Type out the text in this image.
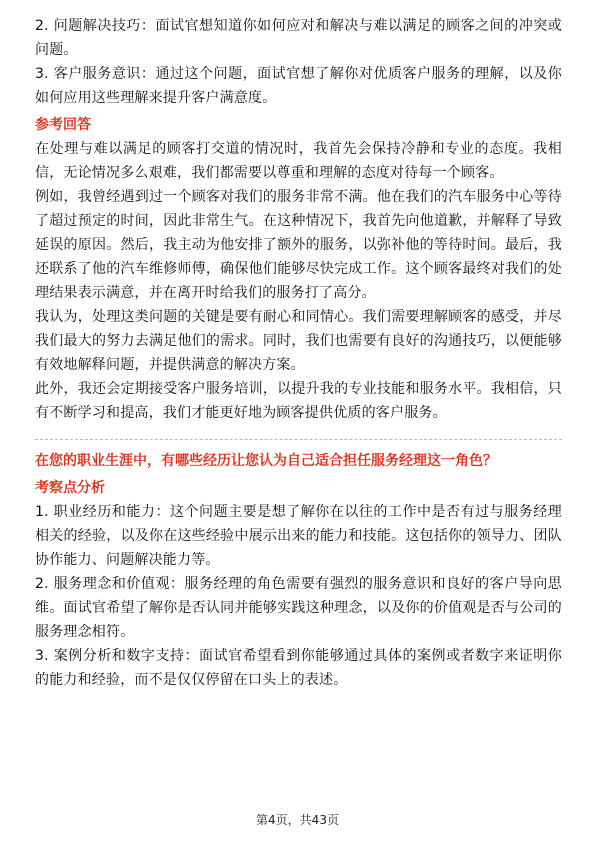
2. 问题解决技巧：面试官想知道你如何应对和解决与难以满足的顾客之间的冲突或问题。

3. 客户服务意识：通过这个问题，面试官想了解你对优质客户服务的理解，以及你如何应用这些理解来提升客户满意度。

参考回答

在处理与难以满足的顾客打交道的情况时，我首先会保持冷静和专业的态度。我相信，无论情况多么艰难，我们都需要以尊重和理解的态度对待每一个顾客。

例如，我曾经遇到过一个顾客对我们的服务非常不满。他在我们的汽车服务中心等待了超过预定的时间，因此非常生气。在这种情况下，我首先向他道歉，并解释了导致延误的原因。然后，我主动为他安排了额外的服务，以弥补他的等待时间。最后，我还联系了他的汽车维修师傅，确保他们能够尽快完成工作。这个顾客最终对我们的处理结果表示满意，并在离开时给我们的服务打了高分。

我认为，处理这类问题的关键是要有耐心和同情心。我们需要理解顾客的感受，并尽我们最大的努力去满足他们的需求。同时，我们也需要有良好的沟通技巧，以便能够有效地解释问题，并提供满意的解决方案。

此外，我还会定期接受客户服务培训，以提升我的专业技能和服务水平。我相信，只有不断学习和提高，我们才能更好地为顾客提供优质的客户服务。

在您的职业生涯中，有哪些经历让您认为自己适合担任服务经理这一角色？
考察点分析

1. 职业经历和能力：这个问题主要是想了解你在以往的工作中是否有过与服务经理相关的经验，以及你在这些经验中展示出来的能力和技能。这包括你的领导力、团队协作能力、问题解决能力等。

2. 服务理念和价值观：服务经理的角色需要有强烈的服务意识和良好的客户导向思维。面试官希望了解你是否认同并能够实践这种理念，以及你的价值观是否与公司的服务理念相符。

3. 案例分析和数字支持：面试官希望看到你能够通过具体的案例或者数字来证明你的能力和经验，而不是仅仅停留在口头上的表述。

第4页，共43页
